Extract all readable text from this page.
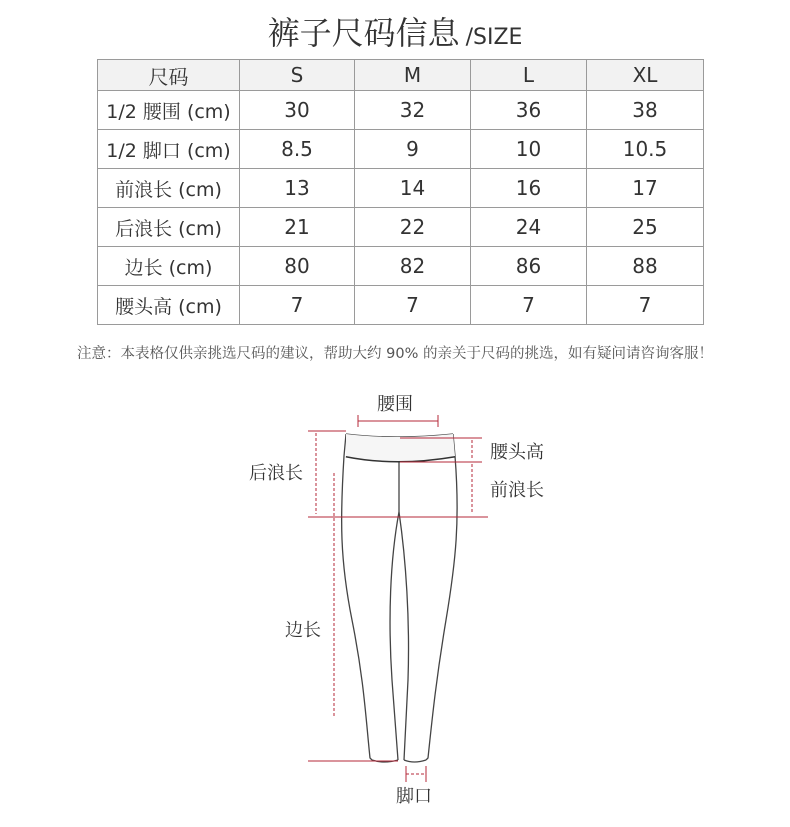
裤子尺码信息 /SIZE
尺码	S	M	L	XL
1/2 腰围 (cm)	30	32	36	38
1/2 脚口 (cm)	8.5	9	10	10.5
前浪长 (cm)	13	14	16	17
后浪长 (cm)	21	22	24	25
边长 (cm)	80	82	86	88
腰头高 (cm)	7	7	7	7
注意：本表格仅供亲挑选尺码的建议，帮助大约 90% 的亲关于尺码的挑选，如有疑问请咨询客服！
腰围
腰头高
后浪长
前浪长
边长
脚口
